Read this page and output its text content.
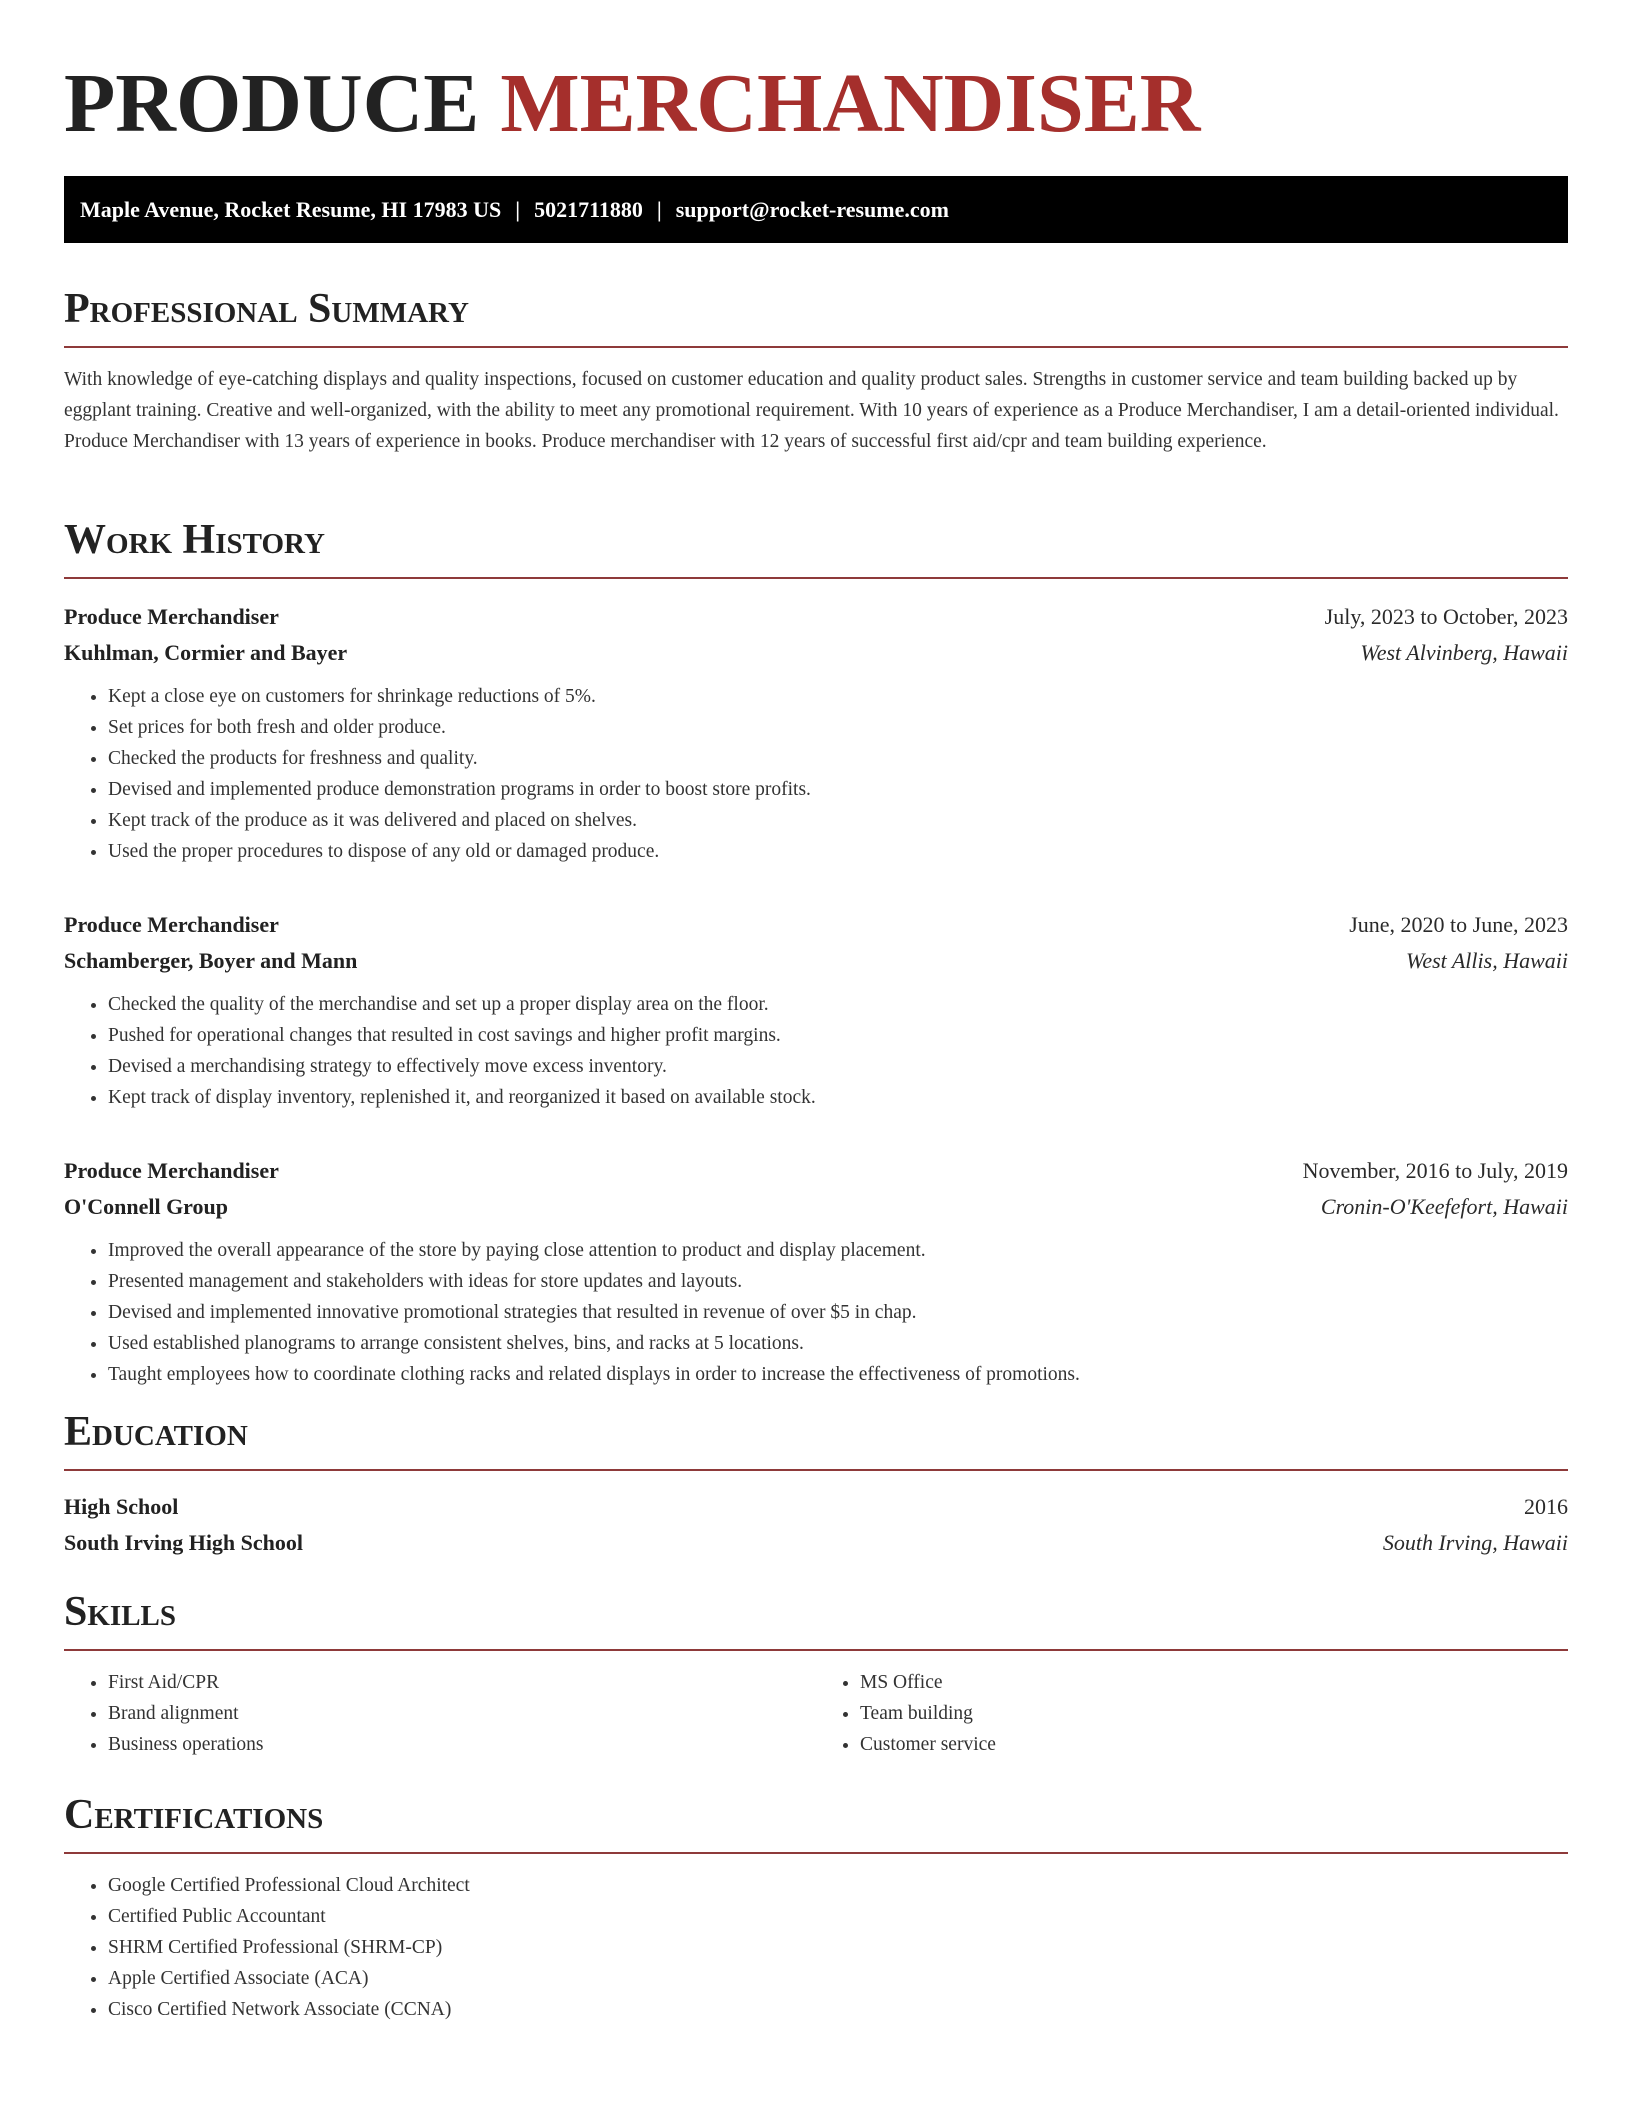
PRODUCE MERCHANDISER
Maple Avenue, Rocket Resume, HI 17983 US | 5021711880 | support@rocket-resume.com
Professional Summary
With knowledge of eye-catching displays and quality inspections, focused on customer education and quality product sales. Strengths in customer service and team building backed up by eggplant training. Creative and well-organized, with the ability to meet any promotional requirement. With 10 years of experience as a Produce Merchandiser, I am a detail-oriented individual. Produce Merchandiser with 13 years of experience in books. Produce merchandiser with 12 years of successful first aid/cpr and team building experience.
Work History
Produce Merchandiser	July, 2023 to October, 2023
Kuhlman, Cormier and Bayer	West Alvinberg, Hawaii
• Kept a close eye on customers for shrinkage reductions of 5%.
• Set prices for both fresh and older produce.
• Checked the products for freshness and quality.
• Devised and implemented produce demonstration programs in order to boost store profits.
• Kept track of the produce as it was delivered and placed on shelves.
• Used the proper procedures to dispose of any old or damaged produce.
Produce Merchandiser	June, 2020 to June, 2023
Schamberger, Boyer and Mann	West Allis, Hawaii
• Checked the quality of the merchandise and set up a proper display area on the floor.
• Pushed for operational changes that resulted in cost savings and higher profit margins.
• Devised a merchandising strategy to effectively move excess inventory.
• Kept track of display inventory, replenished it, and reorganized it based on available stock.
Produce Merchandiser	November, 2016 to July, 2019
O'Connell Group	Cronin-O'Keefefort, Hawaii
• Improved the overall appearance of the store by paying close attention to product and display placement.
• Presented management and stakeholders with ideas for store updates and layouts.
• Devised and implemented innovative promotional strategies that resulted in revenue of over $5 in chap.
• Used established planograms to arrange consistent shelves, bins, and racks at 5 locations.
• Taught employees how to coordinate clothing racks and related displays in order to increase the effectiveness of promotions.
Education
High School	2016
South Irving High School	South Irving, Hawaii
Skills
• First Aid/CPR
• Brand alignment
• Business operations
• MS Office
• Team building
• Customer service
Certifications
• Google Certified Professional Cloud Architect
• Certified Public Accountant
• SHRM Certified Professional (SHRM-CP)
• Apple Certified Associate (ACA)
• Cisco Certified Network Associate (CCNA)
